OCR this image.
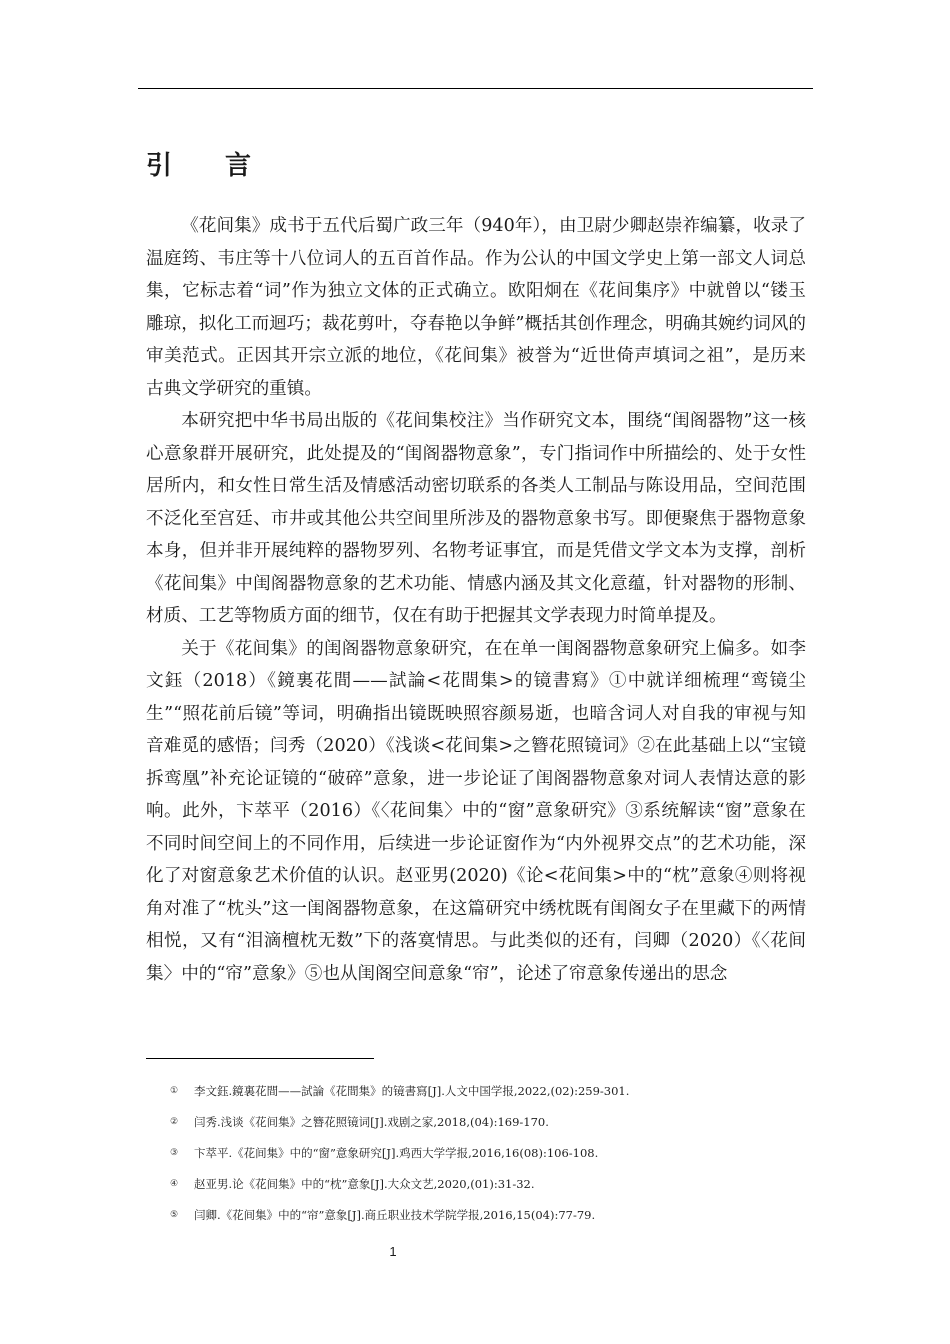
引 言

《花间集》成书于五代后蜀广政三年（940年），由卫尉少卿赵崇祚编纂，收录了温庭筠、韦庄等十八位词人的五百首作品。作为公认的中国文学史上第一部文人词总集，它标志着“词”作为独立文体的正式确立。欧阳炯在《花间集序》中就曾以“镂玉雕琼，拟化工而迴巧；裁花剪叶，夺春艳以争鲜”概括其创作理念，明确其婉约词风的审美范式。正因其开宗立派的地位，《花间集》被誉为“近世倚声填词之祖”，是历来古典文学研究的重镇。

本研究把中华书局出版的《花间集校注》当作研究文本，围绕“闺阁器物”这一核心意象群开展研究，此处提及的“闺阁器物意象”，专门指词作中所描绘的、处于女性居所内，和女性日常生活及情感活动密切联系的各类人工制品与陈设用品，空间范围不泛化至宫廷、市井或其他公共空间里所涉及的器物意象书写。即便聚焦于器物意象本身，但并非开展纯粹的器物罗列、名物考证事宜，而是凭借文学文本为支撑，剖析《花间集》中闺阁器物意象的艺术功能、情感内涵及其文化意蕴，针对器物的形制、材质、工艺等物质方面的细节，仅在有助于把握其文学表现力时简单提及。

关于《花间集》的闺阁器物意象研究，在在单一闺阁器物意象研究上偏多。如李文鈺（2018）《鏡裏花間——試論<花間集>的镜書寫》①中就详细梳理“鸾镜尘生”“照花前后镜”等词，明确指出镜既映照容颜易逝，也暗含词人对自我的审视与知音难觅的感悟；闫秀（2020）《浅谈<花间集>之簪花照镜词》②在此基础上以“宝镜拆鸾凰”补充论证镜的“破碎”意象，进一步论证了闺阁器物意象对词人表情达意的影响。此外，卞萃平（2016）《〈花间集〉中的“窗”意象研究》③系统解读“窗”意象在不同时间空间上的不同作用，后续进一步论证窗作为“内外视界交点”的艺术功能，深化了对窗意象艺术价值的认识。赵亚男(2020)《论<花间集>中的“枕”意象④则将视角对准了“枕头”这一闺阁器物意象，在这篇研究中绣枕既有闺阁女子在里藏下的两情相悦，又有“泪滴檀枕无数”下的落寞情思。与此类似的还有，闫卿（2020）《〈花间集〉中的“帘”意象》⑤也从闺阁空间意象“帘”，论述了帘意象传递出的思念

①	李文鈺.鏡裏花間——試論《花間集》的镜書寫[J].人文中国学报,2022,(02):259-301.
②	闫秀.浅谈《花间集》之簪花照镜词[J].戏剧之家,2018,(04):169-170.
③	卞萃平.《花间集》中的“窗”意象研究[J].鸡西大学学报,2016,16(08):106-108.
④	赵亚男.论《花间集》中的“枕”意象[J].大众文艺,2020,(01):31-32.
⑤	闫卿.《花间集》中的“帘”意象[J].商丘职业技术学院学报,2016,15(04):77-79.
1
